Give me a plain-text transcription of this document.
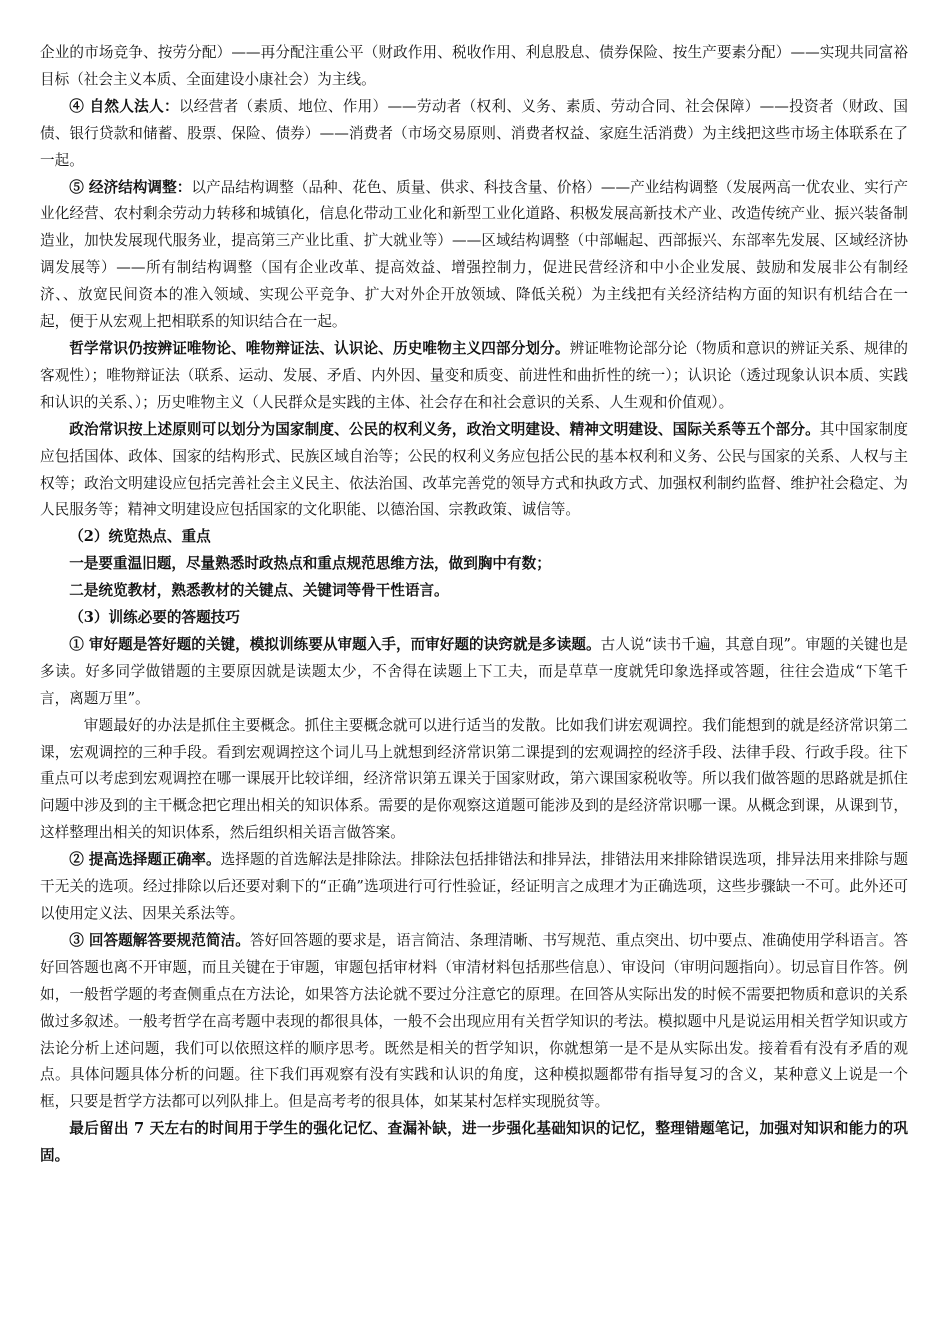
企业的市场竞争、按劳分配）——再分配注重公平（财政作用、税收作用、利息股息、债券保险、按生产要素分配）——实现共同富裕目标（社会主义本质、全面建设小康社会）为主线。

④ 自然人法人：以经营者（素质、地位、作用）——劳动者（权利、义务、素质、劳动合同、社会保障）——投资者（财政、国债、银行贷款和储蓄、股票、保险、债券）——消费者（市场交易原则、消费者权益、家庭生活消费）为主线把这些市场主体联系在了一起。

⑤ 经济结构调整：以产品结构调整（品种、花色、质量、供求、科技含量、价格）——产业结构调整（发展两高一优农业、实行产业化经营、农村剩余劳动力转移和城镇化，信息化带动工业化和新型工业化道路、积极发展高新技术产业、改造传统产业、振兴装备制造业，加快发展现代服务业，提高第三产业比重、扩大就业等）——区域结构调整（中部崛起、西部振兴、东部率先发展、区域经济协调发展等）——所有制结构调整（国有企业改革、提高效益、增强控制力，促进民营经济和中小企业发展、鼓励和发展非公有制经济、、放宽民间资本的准入领域、实现公平竞争、扩大对外企开放领域、降低关税）为主线把有关经济结构方面的知识有机结合在一起，便于从宏观上把相联系的知识结合在一起。

哲学常识仍按辨证唯物论、唯物辩证法、认识论、历史唯物主义四部分划分。辨证唯物论部分论（物质和意识的辨证关系、规律的客观性）；唯物辩证法（联系、运动、发展、矛盾、内外因、量变和质变、前进性和曲折性的统一）；认识论（透过现象认识本质、实践和认识的关系、）；历史唯物主义（人民群众是实践的主体、社会存在和社会意识的关系、人生观和价值观）。

政治常识按上述原则可以划分为国家制度、公民的权利义务，政治文明建设、精神文明建设、国际关系等五个部分。其中国家制度应包括国体、政体、国家的结构形式、民族区域自治等；公民的权利义务应包括公民的基本权利和义务、公民与国家的关系、人权与主权等；政治文明建设应包括完善社会主义民主、依法治国、改革完善党的领导方式和执政方式、加强权利制约监督、维护社会稳定、为人民服务等；精神文明建设应包括国家的文化职能、以德治国、宗教政策、诚信等。

（2）统览热点、重点

一是要重温旧题，尽量熟悉时政热点和重点规范思维方法，做到胸中有数；

二是统览教材，熟悉教材的关键点、关键词等骨干性语言。

（3）训练必要的答题技巧

① 审好题是答好题的关键，模拟训练要从审题入手，而审好题的诀窍就是多读题。古人说“读书千遍，其意自现”。审题的关键也是多读。好多同学做错题的主要原因就是读题太少，不舍得在读题上下工夫，而是草草一度就凭印象选择或答题，往往会造成“下笔千言，离题万里”。

审题最好的办法是抓住主要概念。抓住主要概念就可以进行适当的发散。比如我们讲宏观调控。我们能想到的就是经济常识第二课，宏观调控的三种手段。看到宏观调控这个词儿马上就想到经济常识第二课提到的宏观调控的经济手段、法律手段、行政手段。往下重点可以考虑到宏观调控在哪一课展开比较详细，经济常识第五课关于国家财政，第六课国家税收等。所以我们做答题的思路就是抓住问题中涉及到的主干概念把它理出相关的知识体系。需要的是你观察这道题可能涉及到的是经济常识哪一课。从概念到课，从课到节，这样整理出相关的知识体系，然后组织相关语言做答案。

② 提高选择题正确率。选择题的首选解法是排除法。排除法包括排错法和排异法，排错法用来排除错误选项，排异法用来排除与题干无关的选项。经过排除以后还要对剩下的“正确”选项进行可行性验证，经证明言之成理才为正确选项，这些步骤缺一不可。此外还可以使用定义法、因果关系法等。

③ 回答题解答要规范简洁。答好回答题的要求是，语言简洁、条理清晰、书写规范、重点突出、切中要点、准确使用学科语言。答好回答题也离不开审题，而且关键在于审题，审题包括审材料（审清材料包括那些信息）、审设问（审明问题指向）。切忌盲目作答。例如，一般哲学题的考查侧重点在方法论，如果答方法论就不要过分注意它的原理。在回答从实际出发的时候不需要把物质和意识的关系做过多叙述。一般考哲学在高考题中表现的都很具体，一般不会出现应用有关哲学知识的考法。模拟题中凡是说运用相关哲学知识或方法论分析上述问题，我们可以依照这样的顺序思考。既然是相关的哲学知识，你就想第一是不是从实际出发。接着看有没有矛盾的观点。具体问题具体分析的问题。往下我们再观察有没有实践和认识的角度，这种模拟题都带有指导复习的含义，某种意义上说是一个框，只要是哲学方法都可以列队排上。但是高考考的很具体，如某某村怎样实现脱贫等。

最后留出 7 天左右的时间用于学生的强化记忆、查漏补缺，进一步强化基础知识的记忆，整理错题笔记，加强对知识和能力的巩固。
